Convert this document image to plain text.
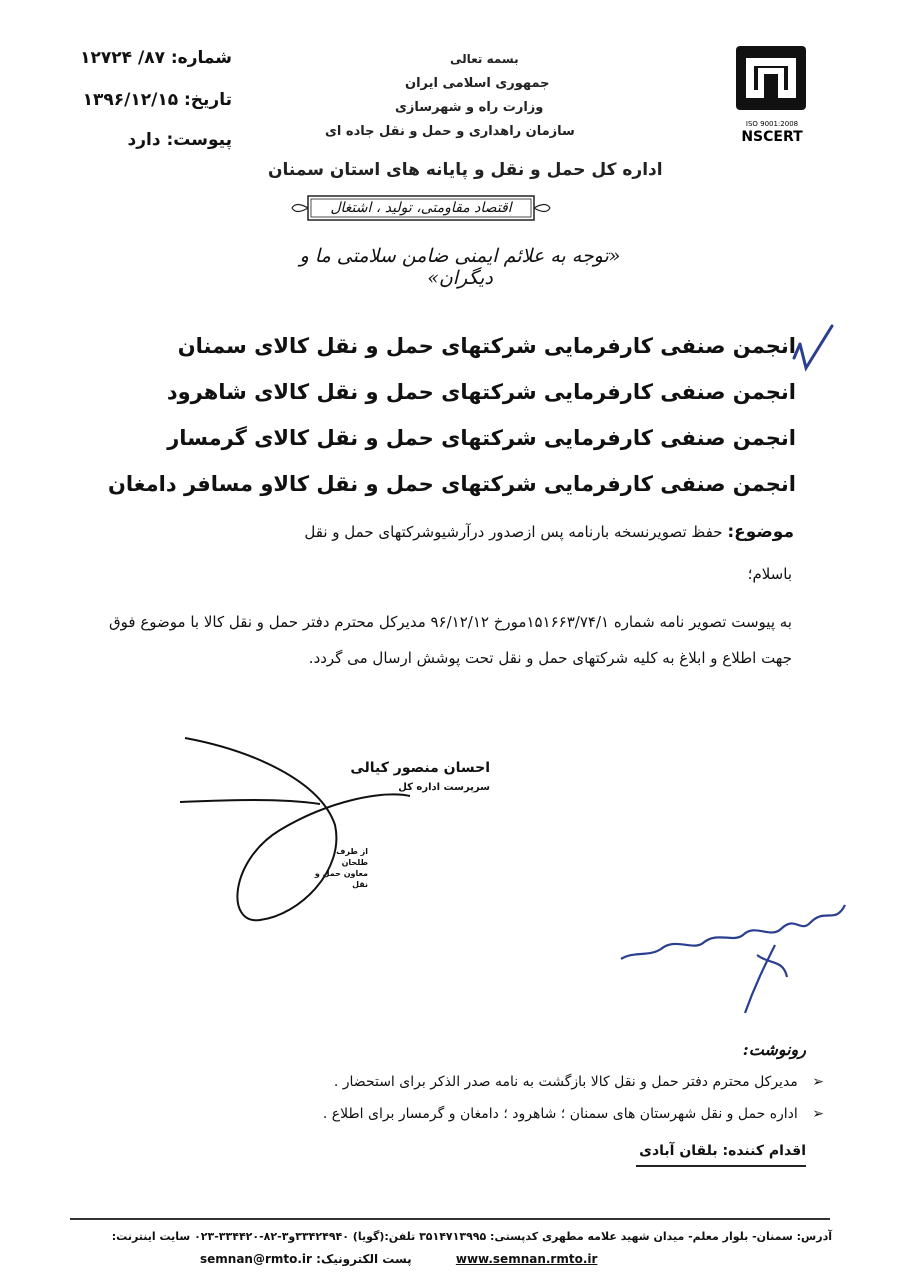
ISO 9001:2008
NSCERT
بسمه تعالی
جمهوری اسلامی ایران
وزارت راه و شهرسازی
سازمان راهداری و حمل و نقل جاده ای
اداره کل حمل و نقل و پایانه های استان سمنان
شماره: ۸۷/ ۱۲۷۲۴
تاریخ: ۱۳۹۶/۱۲/۱۵
پیوست: دارد
اقتصاد مقاومتی، تولید ، اشتغال
«توجه به علائم ایمنی ضامن سلامتی ما و دیگران»
انجمن صنفی کارفرمایی شرکتهای حمل و نقل کالای سمنان
انجمن صنفی کارفرمایی شرکتهای حمل و نقل کالای شاهرود
انجمن صنفی کارفرمایی شرکتهای حمل و نقل کالای گرمسار
انجمن صنفی کارفرمایی شرکتهای حمل و نقل کالاو مسافر دامغان
موضوع: حفظ تصویرنسخه بارنامه پس ازصدور درآرشیوشرکتهای حمل و نقل
باسلام؛
به پیوست تصویر نامه شماره ۱۵۱۶۶۳/۷۴/۱مورخ ۹۶/۱۲/۱۲ مدیرکل محترم دفتر حمل و نقل کالا با موضوع فوق جهت اطلاع و ابلاغ به کلیه شرکتهای حمل و نقل تحت پوشش ارسال می گردد.
احسان منصور کیالی
سرپرست اداره کل
از طرف طلحان
معاون حمل و نقل
رونوشت:
➢ مدیرکل محترم دفتر حمل و نقل کالا بازگشت به نامه صدر الذکر برای استحضار .
➢ اداره حمل و نقل شهرستان های سمنان ؛ شاهرود ؛ دامغان و گرمسار برای اطلاع .
اقدام کننده: بلقان آبادی
آدرس: سمنان- بلوار معلم- میدان شهید علامه مطهری کدپستی: ۳۵۱۴۷۱۳۹۹۵ تلفن:(گویا) ۳۳۴۲۴۹۴۰و۳-۸۲-۳۳۴۴۲۰-۰۲۳ سایت اینترنت:
semnan@rmto.ir پست الکترونیک:	www.semnan.rmto.ir
